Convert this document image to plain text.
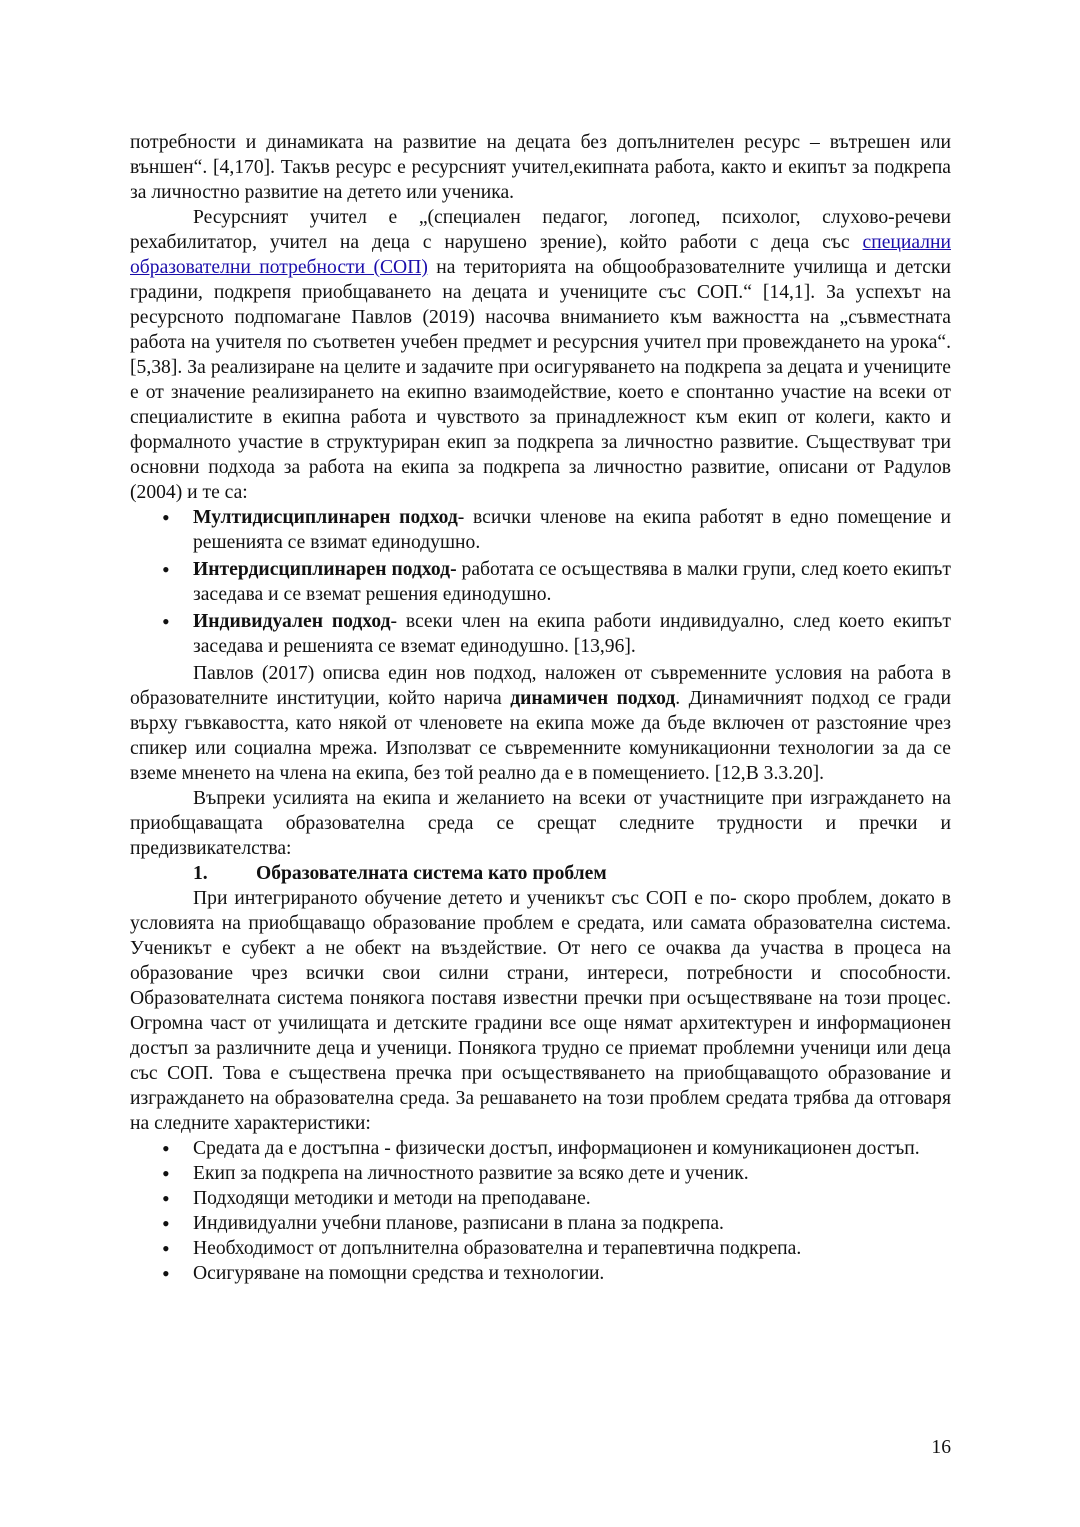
потребности и динамиката на развитие на децата без допълнителен ресурс – вътрешен или външен“. [4,170]. Такъв ресурс е ресурсният учител,екипната работа, както и екипът за подкрепа за личностно развитие на детето или ученика.

Ресурсният учител е „(специален педагог, логопед, психолог, слухово-речеви рехабилитатор, учител на деца с нарушено зрение), който работи с деца със специални образователни потребности (СОП) на територията на общообразователните училища и детски градини, подкрепя приобщаването на децата и учениците със СОП.“ [14,1]. За успехът на ресурсното подпомагане Павлов (2019) насочва вниманието към важността на „съвместната работа на учителя по съответен учебен предмет и ресурсния учител при провеждането на урока“. [5,38]. За реализиране на целите и задачите при осигуряването на подкрепа за децата и учениците е от значение реализирането на екипно взаимодействие, което е спонтанно участие на всеки от специалистите в екипна работа и чувството за принадлежност към екип от колеги, както и формалното участие в структуриран екип за подкрепа за личностно развитие. Съществуват три основни подхода за работа на екипа за подкрепа за личностно развитие, описани от Радулов (2004) и те са:

• Мултидисциплинарен подход- всички членове на екипа работят в едно помещение и решенията се взимат единодушно.
• Интердисциплинарен подход- работата се осъществява в малки групи, след което екипът заседава и се вземат решения единодушно.
• Индивидуален подход- всеки член на екипа работи индивидуално, след което екипът заседава и решенията се вземат единодушно. [13,96].

Павлов (2017) описва един нов подход, наложен от съвременните условия на работа в образователните институции, който нарича динамичен подход. Динамичният подход се гради върху гъвкавостта, като някой от членовете на екипа може да бъде включен от разстояние чрез спикер или социална мрежа. Използват се съвременните комуникационни технологии за да се вземе мненето на члена на екипа, без той реално да е в помещението. [12,В 3.3.20].

Въпреки усилията на екипа и желанието на всеки от участниците при изграждането на приобщаващата образователна среда се срещат следните трудности и пречки и предизвикателства:

1. Образователната система като проблем

При интегрираното обучение детето и ученикът със СОП е по- скоро проблем, докато в условията на приобщаващо образование проблем е средата, или самата образователна система. Ученикът е субект а не обект на въздействие. От него се очаква да участва в процеса на образование чрез всички свои силни страни, интереси, потребности и способности. Образователната система понякога поставя известни пречки при осъществяване на този процес. Огромна част от училищата и детските градини все още нямат архитектурен и информационен достъп за различните деца и ученици. Понякога трудно се приемат проблемни ученици или деца със СОП. Това е съществена пречка при осъществяването на приобщаващото образование и изграждането на образователна среда. За решаването на този проблем средата трябва да отговаря на следните характеристики:

• Средата да е достъпна - физически достъп, информационен и комуникационен достъп.
• Екип за подкрепа на личностното развитие за всяко дете и ученик.
• Подходящи методики и методи на преподаване.
• Индивидуални учебни планове, разписани в плана за подкрепа.
• Необходимост от допълнителна образователна и терапевтична подкрепа.
• Осигуряване на помощни средства и технологии.
16
